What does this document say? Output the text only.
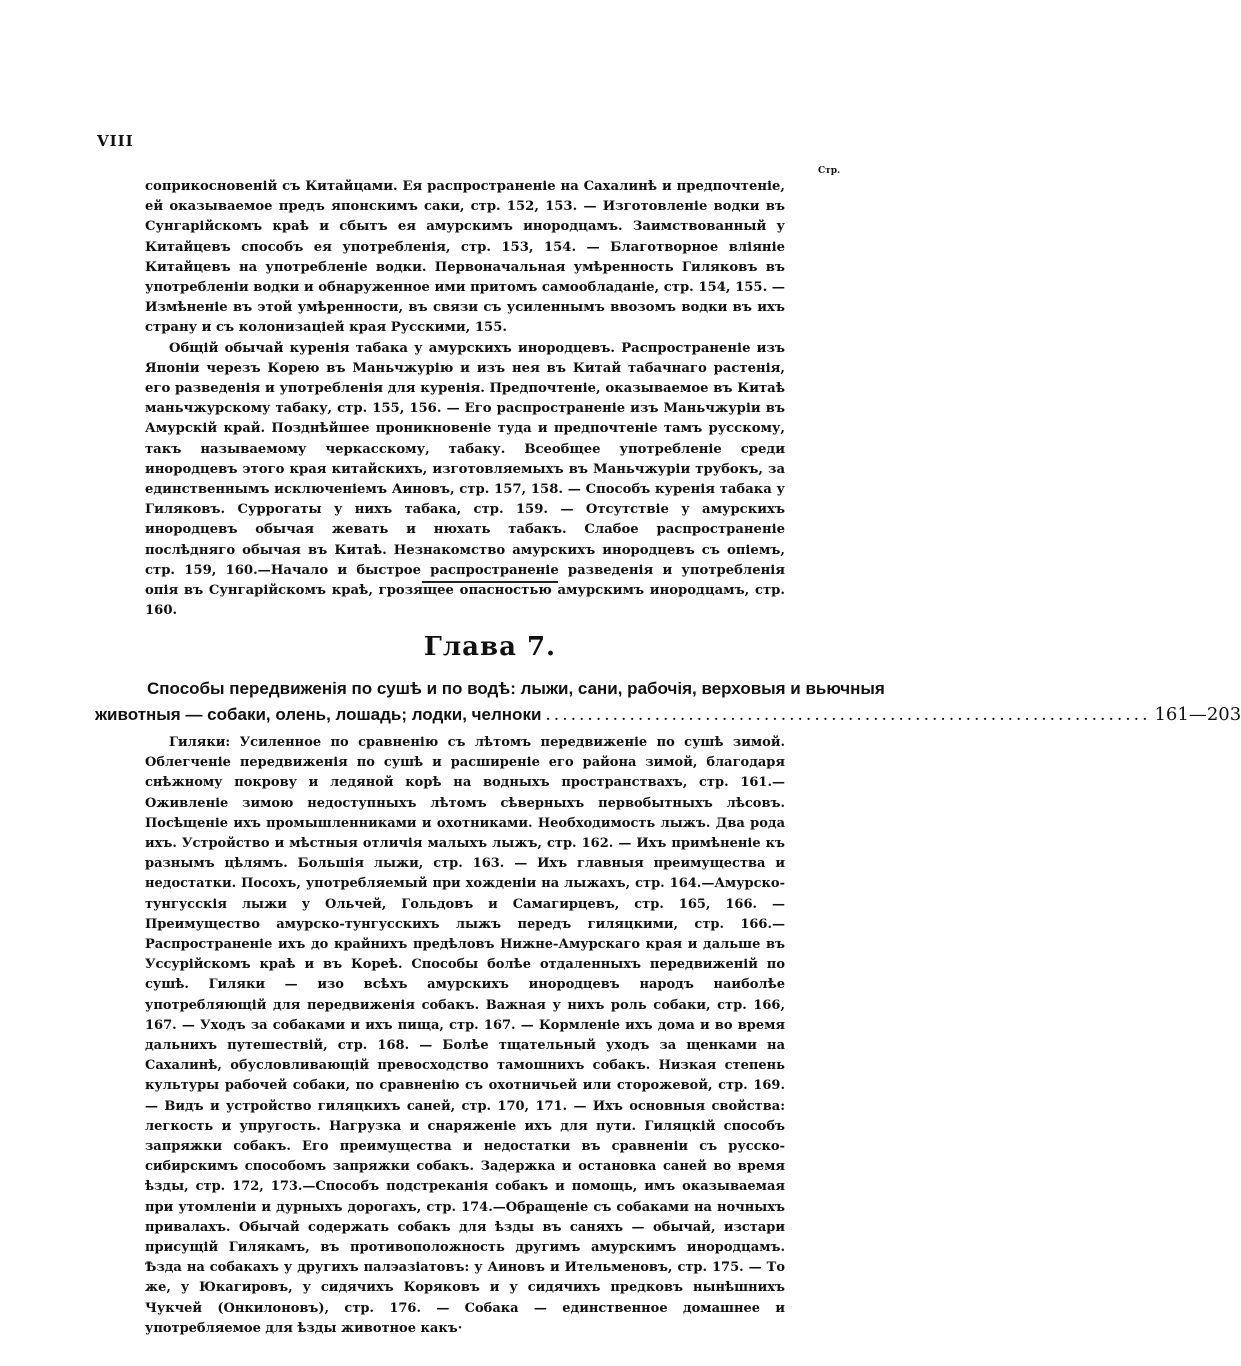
VIII
Стр.

соприкосновеній съ Китайцами. Ея распространеніе на Сахалинѣ и предпочтеніе, ей оказываемое предъ японскимъ саки, стр. 152, 153. — Изготовленіе водки въ Сунгарійскомъ краѣ и сбытъ ея амурскимъ инородцамъ. Заимствованный у Китайцевъ способъ ея употребленія, стр. 153, 154. — Благотворное вліяніе Китайцевъ на употребленіе водки. Первоначальная умѣренность Гиляковъ въ употребленіи водки и обнаруженное ими притомъ самообладаніе, стр. 154, 155. — Измѣненіе въ этой умѣренности, въ связи съ усиленнымъ ввозомъ водки въ ихъ страну и съ колонизаціей края Русскими, 155.

Общій обычай куренія табака у амурскихъ инородцевъ. Распространеніе изъ Японіи черезъ Корею въ Маньчжурію и изъ нея въ Китай табачнаго растенія, его разведенія и употребленія для куренія. Предпочтеніе, оказываемое въ Китаѣ маньчжурскому табаку, стр. 155, 156. — Его распространеніе изъ Маньчжуріи въ Амурскій край. Позднѣйшее проникновеніе туда и предпочтеніе тамъ русскому, такъ называемому черкасскому, табаку. Всеобщее употребленіе среди инородцевъ этого края китайскихъ, изготовляемыхъ въ Маньчжуріи трубокъ, за единственнымъ исключеніемъ Аиновъ, стр. 157, 158. — Способъ куренія табака у Гиляковъ. Суррогаты у нихъ табака, стр. 159. — Отсутствіе у амурскихъ инородцевъ обычая жевать и нюхать табакъ. Слабое распространеніе послѣдняго обычая въ Китаѣ. Незнакомство амурскихъ инородцевъ съ опіемъ, стр. 159, 160.—Начало и быстрое распространеніе разведенія и употребленія опія въ Сунгарійскомъ краѣ, грозящее опасностью амурскимъ инородцамъ, стр. 160.

Глава 7.
Способы передвиженія по сушѣ и по водѣ: лыжи, сани, рабочія, верховыя и вьючныя
животныя — собаки, олень, лошадь; лодки, челноки ........................................................................ 161—203

Гиляки: Усиленное по сравненію съ лѣтомъ передвиженіе по сушѣ зимой. Облегченіе передвиженія по сушѣ и расширеніе его района зимой, благодаря снѣжному покрову и ледяной корѣ на водныхъ пространствахъ, стр. 161.—Оживленіе зимою недоступныхъ лѣтомъ сѣверныхъ первобытныхъ лѣсовъ. Посѣщеніе ихъ промышленниками и охотниками. Необходимость лыжъ. Два рода ихъ. Устройство и мѣстныя отличія малыхъ лыжъ, стр. 162. — Ихъ примѣненіе къ разнымъ цѣлямъ. Большія лыжи, стр. 163. — Ихъ главныя преимущества и недостатки. Посохъ, употребляемый при хожденіи на лыжахъ, стр. 164.—Амурско-тунгусскія лыжи у Ольчей, Гольдовъ и Самагирцевъ, стр. 165, 166. — Преимущество амурско-тунгусскихъ лыжъ передъ гиляцкими, стр. 166.—Распространеніе ихъ до крайнихъ предѣловъ Нижне-Амурскаго края и дальше въ Уссурійскомъ краѣ и въ Кореѣ. Способы болѣе отдаленныхъ передвиженій по сушѣ. Гиляки — изо всѣхъ амурскихъ инородцевъ народъ наиболѣе употребляющій для передвиженія собакъ. Важная у нихъ роль собаки, стр. 166, 167. — Уходъ за собаками и ихъ пища, стр. 167. — Кормленіе ихъ дома и во время дальнихъ путешествій, стр. 168. — Болѣе тщательный уходъ за щенками на Сахалинѣ, обусловливающій превосходство тамошнихъ собакъ. Низкая степень культуры рабочей собаки, по сравненію съ охотничьей или сторожевой, стр. 169. — Видъ и устройство гиляцкихъ саней, стр. 170, 171. — Ихъ основныя свойства: легкость и упругость. Нагрузка и снаряженіе ихъ для пути. Гиляцкій способъ запряжки собакъ. Его преимущества и недостатки въ сравненіи съ русско-сибирскимъ способомъ запряжки собакъ. Задержка и остановка саней во время ѣзды, стр. 172, 173.—Способъ подстреканія собакъ и помощь, имъ оказываемая при утомленіи и дурныхъ дорогахъ, стр. 174.—Обращеніе съ собаками на ночныхъ привалахъ. Обычай содержать собакъ для ѣзды въ саняхъ — обычай, изстари присущій Гилякамъ, въ противоположность другимъ амурскимъ инородцамъ. Ѣзда на собакахъ у другихъ палэазіатовъ: у Аиновъ и Ительменовъ, стр. 175. — То же, у Юкагировъ, у сидячихъ Коряковъ и у сидячихъ предковъ нынѣшнихъ Чукчей (Онкилоновъ), стр. 176. — Собака — единственное домашнее и употребляемое для ѣзды животное какъ·
